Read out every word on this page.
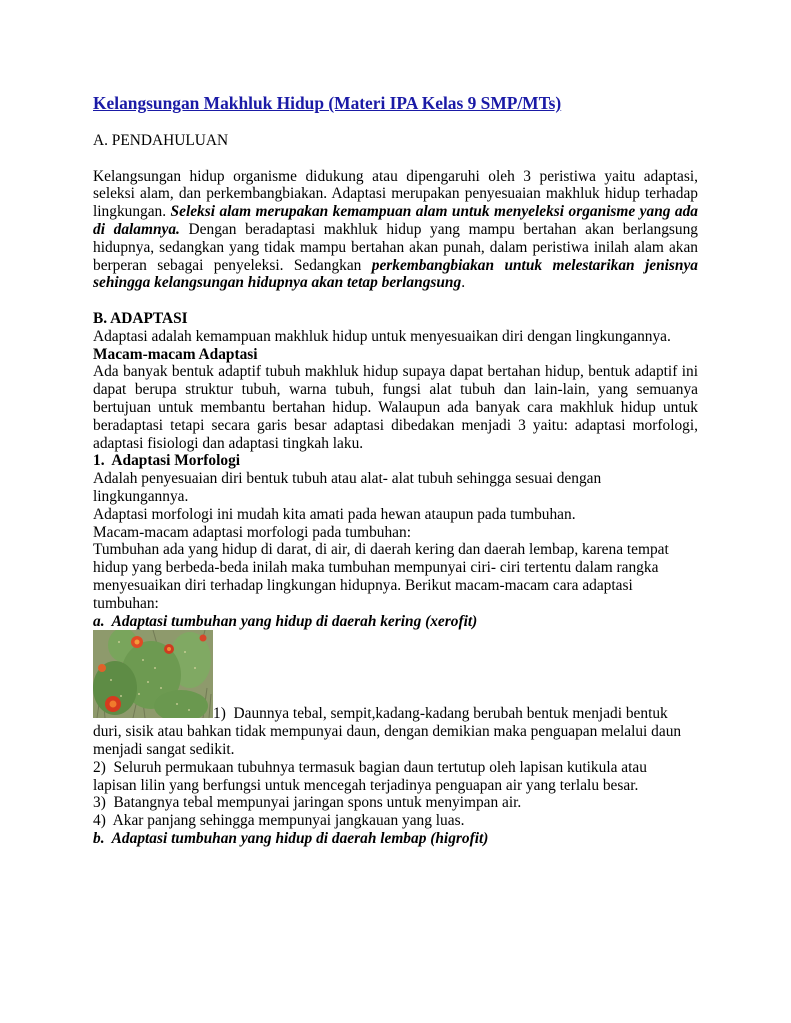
Kelangsungan Makhluk Hidup (Materi IPA Kelas 9 SMP/MTs)
A. PENDAHULUAN
Kelangsungan hidup organisme didukung atau dipengaruhi oleh 3 peristiwa yaitu adaptasi,
seleksi alam, dan perkembangbiakan. Adaptasi merupakan penyesuaian makhluk hidup terhadap
lingkungan. Seleksi alam merupakan kemampuan alam untuk menyeleksi organisme yang ada
di dalamnya. Dengan beradaptasi makhluk hidup yang mampu bertahan akan berlangsung
hidupnya, sedangkan yang tidak mampu bertahan akan punah, dalam peristiwa inilah alam akan
berperan sebagai penyeleksi. Sedangkan perkembangbiakan untuk melestarikan jenisnya
sehingga kelangsungan hidupnya akan tetap berlangsung.
B. ADAPTASI
Adaptasi adalah kemampuan makhluk hidup untuk menyesuaikan diri dengan lingkungannya.
Macam-macam Adaptasi
Ada banyak bentuk adaptif tubuh makhluk hidup supaya dapat bertahan hidup, bentuk adaptif ini
dapat berupa struktur tubuh, warna tubuh, fungsi alat tubuh dan lain-lain, yang semuanya
bertujuan untuk membantu bertahan hidup. Walaupun ada banyak cara makhluk hidup untuk
beradaptasi tetapi secara garis besar adaptasi dibedakan menjadi 3 yaitu: adaptasi morfologi,
adaptasi fisiologi dan adaptasi tingkah laku.
1.  Adaptasi Morfologi
Adalah penyesuaian diri bentuk tubuh atau alat- alat tubuh sehingga sesuai dengan
lingkungannya.
Adaptasi morfologi ini mudah kita amati pada hewan ataupun pada tumbuhan.
Macam-macam adaptasi morfologi pada tumbuhan:
Tumbuhan ada yang hidup di darat, di air, di daerah kering dan daerah lembap, karena tempat
hidup yang berbeda-beda inilah maka tumbuhan mempunyai ciri- ciri tertentu dalam rangka
menyesuaikan diri terhadap lingkungan hidupnya. Berikut macam-macam cara adaptasi
tumbuhan:
a.  Adaptasi tumbuhan yang hidup di daerah kering (xerofit)
1)  Daunnya tebal, sempit,kadang-kadang berubah bentuk menjadi bentuk
duri, sisik atau bahkan tidak mempunyai daun, dengan demikian maka penguapan melalui daun
menjadi sangat sedikit.
2)  Seluruh permukaan tubuhnya termasuk bagian daun tertutup oleh lapisan kutikula atau
lapisan lilin yang berfungsi untuk mencegah terjadinya penguapan air yang terlalu besar.
3)  Batangnya tebal mempunyai jaringan spons untuk menyimpan air.
4)  Akar panjang sehingga mempunyai jangkauan yang luas.
b.  Adaptasi tumbuhan yang hidup di daerah lembap (higrofit)
